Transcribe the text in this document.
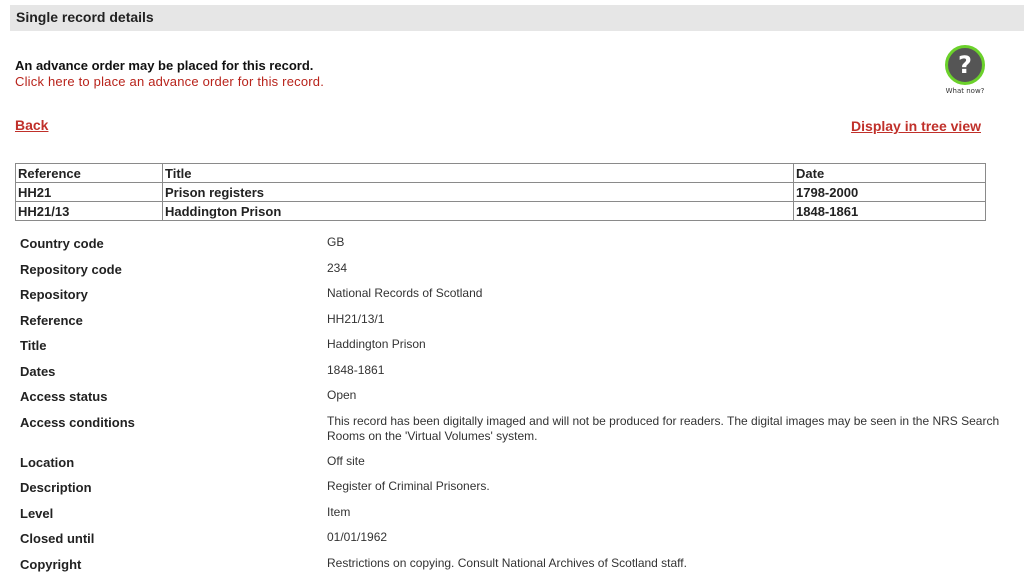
Single record details
An advance order may be placed for this record.
Click here to place an advance order for this record.
?
What now?
Back	Display in tree view
Reference	Title	Date
HH21	Prison registers	1798-2000
HH21/13	Haddington Prison	1848-1861
Country code	GB
Repository code	234
Repository	National Records of Scotland
Reference	HH21/13/1
Title	Haddington Prison
Dates	1848-1861
Access status	Open
Access conditions	This record has been digitally imaged and will not be produced for readers. The digital images may be seen in the NRS Search Rooms on the 'Virtual Volumes' system.
Location	Off site
Description	Register of Criminal Prisoners.
Level	Item
Closed until	01/01/1962
Copyright	Restrictions on copying. Consult National Archives of Scotland staff.
